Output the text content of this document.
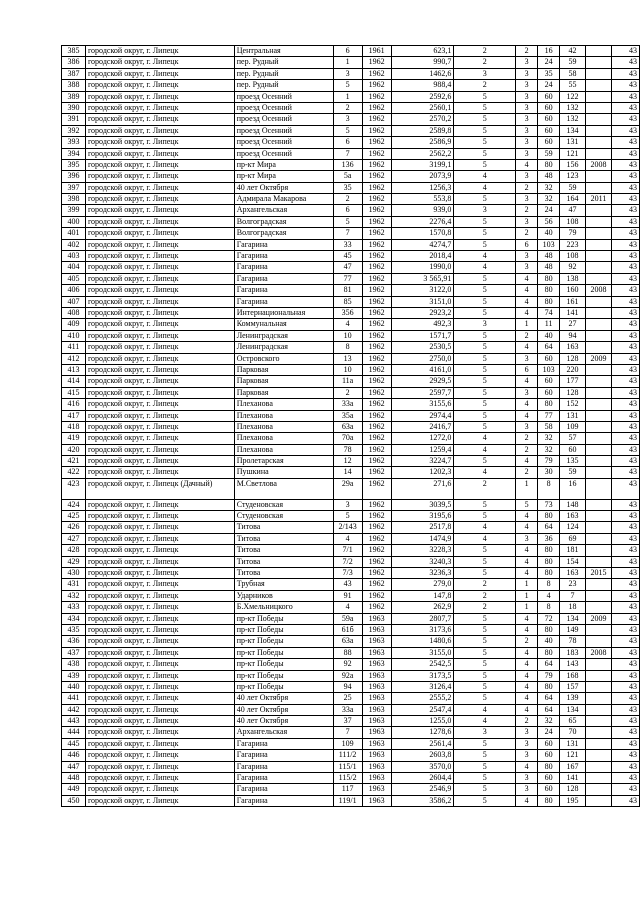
385	городской округ, г. Липецк	Центральная	6	1961	623,1	2	2	16	42		43
386	городской округ, г. Липецк	пер. Рудный	1	1962	990,7	2	3	24	59		43
387	городской округ, г. Липецк	пер. Рудный	3	1962	1462,6	3	3	35	58		43
388	городской округ, г. Липецк	пер. Рудный	5	1962	988,4	2	3	24	55		43
389	городской округ, г. Липецк	проезд Осенний	1	1962	2592,6	5	3	60	122		43
390	городской округ, г. Липецк	проезд Осенний	2	1962	2560,1	5	3	60	132		43
391	городской округ, г. Липецк	проезд Осенний	3	1962	2570,2	5	3	60	132		43
392	городской округ, г. Липецк	проезд Осенний	5	1962	2589,8	5	3	60	134		43
393	городской округ, г. Липецк	проезд Осенний	6	1962	2586,9	5	3	60	131		43
394	городской округ, г. Липецк	проезд Осенний	7	1962	2562,2	5	3	59	121		43
395	городской округ, г. Липецк	пр-кт Мира	136	1962	3199,1	5	4	80	156	2008	43
396	городской округ, г. Липецк	пр-кт Мира	5а	1962	2073,9	4	3	48	123		43
397	городской округ, г. Липецк	40 лет Октября	35	1962	1256,3	4	2	32	59		43
398	городской округ, г. Липецк	Адмирала Макарова	2	1962	553,8	5	3	32	164	2011	43
399	городской округ, г. Липецк	Архангельская	6	1962	939,0	3	2	24	47		43
400	городской округ, г. Липецк	Волгоградская	5	1962	2276,4	5	3	56	108		43
401	городской округ, г. Липецк	Волгоградская	7	1962	1570,8	5	2	40	79		43
402	городской округ, г. Липецк	Гагарина	33	1962	4274,7	5	6	103	223		43
403	городской округ, г. Липецк	Гагарина	45	1962	2018,4	4	3	48	108		43
404	городской округ, г. Липецк	Гагарина	47	1962	1990,0	4	3	48	92		43
405	городской округ, г. Липецк	Гагарина	77	1962	3 565,91	5	4	80	138		43
406	городской округ, г. Липецк	Гагарина	81	1962	3122,0	5	4	80	160	2008	43
407	городской округ, г. Липецк	Гагарина	85	1962	3151,0	5	4	80	161		43
408	городской округ, г. Липецк	Интернациональная	356	1962	2923,2	5	4	74	141		43
409	городской округ, г. Липецк	Коммунальная	4	1962	492,3	3	1	11	27		43
410	городской округ, г. Липецк	Ленинградская	10	1962	1571,7	5	2	40	94		43
411	городской округ, г. Липецк	Ленинградская	8	1962	2530,5	5	4	64	163		43
412	городской округ, г. Липецк	Островского	13	1962	2750,0	5	3	60	128	2009	43
413	городской округ, г. Липецк	Парковая	10	1962	4161,0	5	6	103	220		43
414	городской округ, г. Липецк	Парковая	11а	1962	2929,5	5	4	60	177		43
415	городской округ, г. Липецк	Парковая	2	1962	2597,7	5	3	60	128		43
416	городской округ, г. Липецк	Плеханова	33а	1962	3155,6	5	4	80	152		43
417	городской округ, г. Липецк	Плеханова	35а	1962	2974,4	5	4	77	131		43
418	городской округ, г. Липецк	Плеханова	63а	1962	2416,7	5	3	58	109		43
419	городской округ, г. Липецк	Плеханова	70а	1962	1272,0	4	2	32	57		43
420	городской округ, г. Липецк	Плеханова	78	1962	1259,4	4	2	32	60		43
421	городской округ, г. Липецк	Пролетарская	12	1962	3224,7	5	4	79	135		43
422	городской округ, г. Липецк	Пушкина	14	1962	1202,3	4	2	30	59		43
423	городской округ, г. Липецк (Дачный)	М.Светлова	29а	1962	271,6	2	1	8	16		43
424	городской округ, г. Липецк	Студеновская	3	1962	3039,5	5	5	73	148		43
425	городской округ, г. Липецк	Студеновская	5	1962	3195,6	5	4	80	163		43
426	городской округ, г. Липецк	Титова	2/143	1962	2517,8	4	4	64	124		43
427	городской округ, г. Липецк	Титова	4	1962	1474,9	4	3	36	69		43
428	городской округ, г. Липецк	Титова	7/1	1962	3228,3	5	4	80	181		43
429	городской округ, г. Липецк	Титова	7/2	1962	3240,3	5	4	80	154		43
430	городской округ, г. Липецк	Титова	7/3	1962	3236,3	5	4	80	163	2015	43
431	городской округ, г. Липецк	Трубная	43	1962	279,0	2	1	8	23		43
432	городской округ, г. Липецк	Ударников	91	1962	147,8	2	1	4	7		43
433	городской округ, г. Липецк	Б.Хмельницкого	4	1962	262,9	2	1	8	18		43
434	городской округ, г. Липецк	пр-кт Победы	59а	1963	2807,7	5	4	72	134	2009	43
435	городской округ, г. Липецк	пр-кт Победы	61б	1963	3173,6	5	4	80	149		43
436	городской округ, г. Липецк	пр-кт Победы	63а	1963	1480,6	5	2	40	78		43
437	городской округ, г. Липецк	пр-кт Победы	88	1963	3155,0	5	4	80	183	2008	43
438	городской округ, г. Липецк	пр-кт Победы	92	1963	2542,5	5	4	64	143		43
439	городской округ, г. Липецк	пр-кт Победы	92а	1963	3173,5	5	4	79	168		43
440	городской округ, г. Липецк	пр-кт Победы	94	1963	3126,4	5	4	80	157		43
441	городской округ, г. Липецк	40 лет Октября	25	1963	2555,2	5	4	64	139		43
442	городской округ, г. Липецк	40 лет Октября	33а	1963	2547,4	4	4	64	134		43
443	городской округ, г. Липецк	40 лет Октября	37	1963	1255,0	4	2	32	65		43
444	городской округ, г. Липецк	Архангельская	7	1963	1278,6	3	3	24	70		43
445	городской округ, г. Липецк	Гагарина	109	1963	2561,4	5	3	60	131		43
446	городской округ, г. Липецк	Гагарина	111/2	1963	2603,8	5	3	60	121		43
447	городской округ, г. Липецк	Гагарина	115/1	1963	3570,0	5	4	80	167		43
448	городской округ, г. Липецк	Гагарина	115/2	1963	2604,4	5	3	60	141		43
449	городской округ, г. Липецк	Гагарина	117	1963	2546,9	5	3	60	128		43
450	городской округ, г. Липецк	Гагарина	119/1	1963	3586,2	5	4	80	195		43
